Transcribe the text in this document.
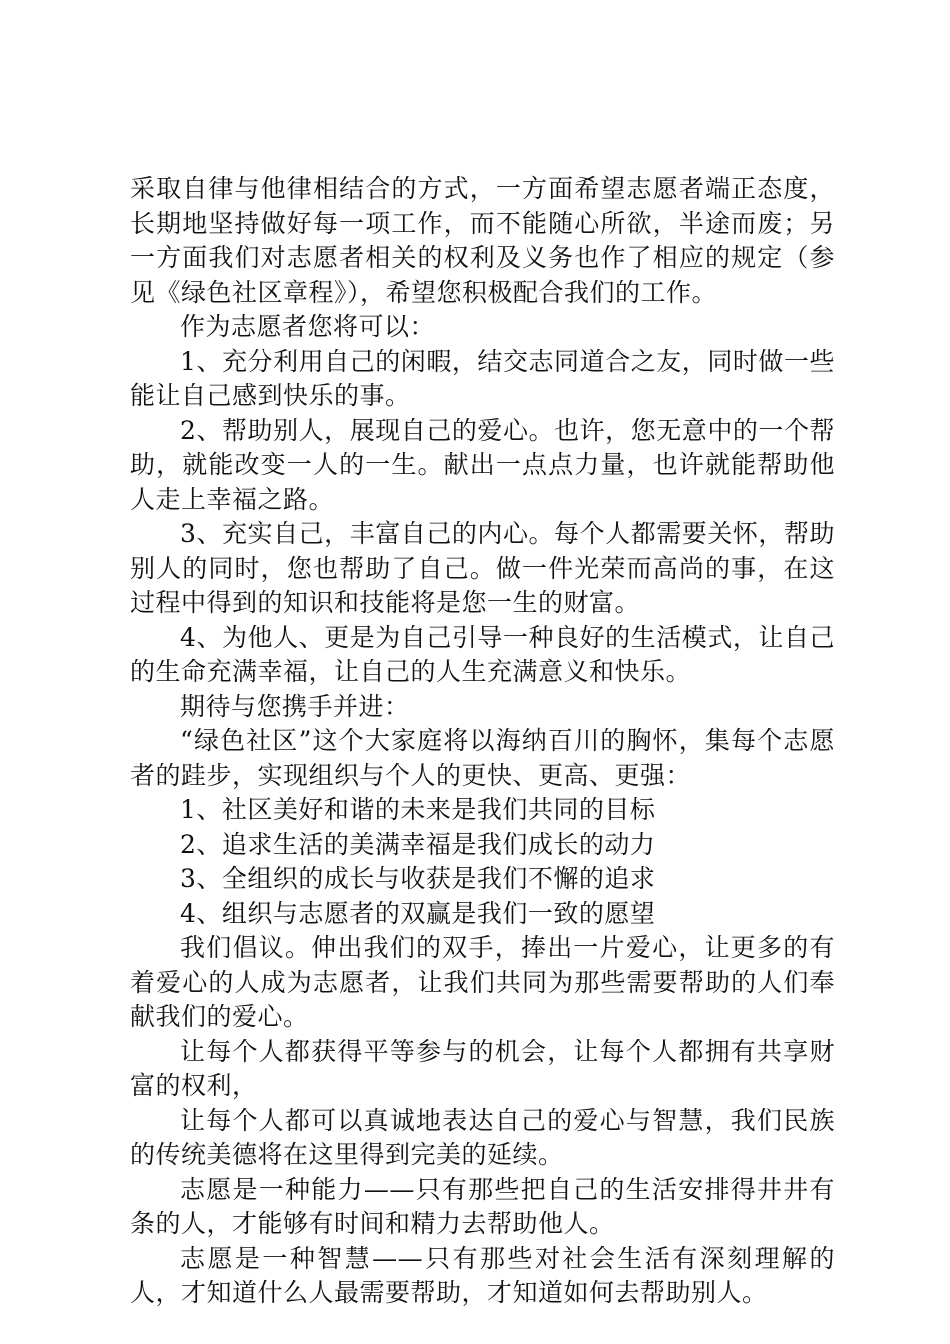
采取自律与他律相结合的方式，一方面希望志愿者端正态度，长期地坚持做好每一项工作，而不能随心所欲，半途而废；另一方面我们对志愿者相关的权利及义务也作了相应的规定（参见《绿色社区章程》），希望您积极配合我们的工作。

作为志愿者您将可以：

1、充分利用自己的闲暇，结交志同道合之友，同时做一些能让自己感到快乐的事。

2、帮助别人，展现自己的爱心。也许，您无意中的一个帮助，就能改变一人的一生。献出一点点力量，也许就能帮助他人走上幸福之路。

3、充实自己，丰富自己的内心。每个人都需要关怀，帮助别人的同时，您也帮助了自己。做一件光荣而高尚的事，在这过程中得到的知识和技能将是您一生的财富。

4、为他人、更是为自己引导一种良好的生活模式，让自己的生命充满幸福，让自己的人生充满意义和快乐。

期待与您携手并进：

“绿色社区”这个大家庭将以海纳百川的胸怀，集每个志愿者的跬步，实现组织与个人的更快、更高、更强：

1、社区美好和谐的未来是我们共同的目标

2、追求生活的美满幸福是我们成长的动力

3、全组织的成长与收获是我们不懈的追求

4、组织与志愿者的双赢是我们一致的愿望

我们倡议。伸出我们的双手，捧出一片爱心，让更多的有着爱心的人成为志愿者，让我们共同为那些需要帮助的人们奉献我们的爱心。

让每个人都获得平等参与的机会，让每个人都拥有共享财富的权利，

让每个人都可以真诚地表达自己的爱心与智慧，我们民族的传统美德将在这里得到完美的延续。

志愿是一种能力——只有那些把自己的生活安排得井井有条的人，才能够有时间和精力去帮助他人。

志愿是一种智慧——只有那些对社会生活有深刻理解的人，才知道什么人最需要帮助，才知道如何去帮助别人。
